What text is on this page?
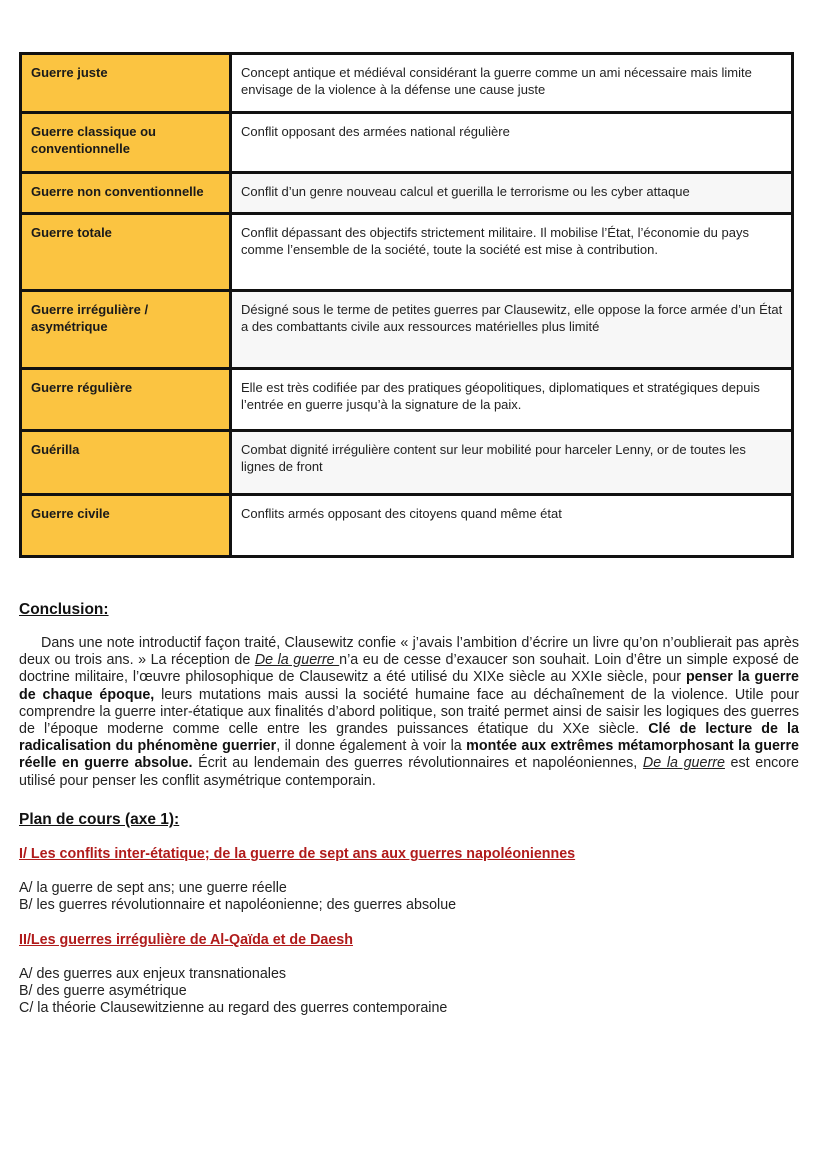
Guerre juste	Concept antique et médiéval considérant la guerre comme un ami nécessaire mais limite envisage de la violence à la défense une cause juste
Guerre classique ou conventionnelle	Conflit opposant des armées national régulière
Guerre non conventionnelle	Conflit d’un genre nouveau calcul et guerilla le terrorisme ou les cyber attaque
Guerre totale	Conflit dépassant des objectifs strictement militaire. Il mobilise l’État, l’économie du pays comme l’ensemble de la société, toute la société est mise à contribution.
Guerre irrégulière / asymétrique	Désigné sous le terme de petites guerres par Clausewitz, elle oppose la force armée d’un État a des combattants civile aux ressources matérielles plus limité
Guerre régulière	Elle est très codifiée par des pratiques géopolitiques, diplomatiques et stratégiques depuis l’entrée en guerre jusqu’à la signature de la paix.
Guérilla	Combat dignité irrégulière content sur leur mobilité pour harceler Lenny, or de toutes les lignes de front
Guerre civile	Conflits armés opposant des citoyens quand même état
Conclusion:

Dans une note introductif façon traité, Clausewitz confie « j’avais l’ambition d’écrire un livre qu’on n’oublierait pas après deux ou trois ans. » La réception de De la guerre n’a eu de cesse d’exaucer son souhait. Loin d’être un simple exposé de doctrine militaire, l’œuvre philosophique de Clausewitz a été utilisé du XIXe siècle au XXIe siècle, pour penser la guerre de chaque époque, leurs mutations mais aussi la société humaine face au déchaînement de la violence. Utile pour comprendre la guerre inter-étatique aux finalités d’abord politique, son traité permet ainsi de saisir les logiques des guerres de l’époque moderne comme celle entre les grandes puissances étatique du XXe siècle. Clé de lecture de la radicalisation du phénomène guerrier, il donne également à voir la montée aux extrêmes métamorphosant la guerre réelle en guerre absolue. Écrit au lendemain des guerres révolutionnaires et napoléoniennes, De la guerre est encore utilisé pour penser les conflit asymétrique contemporain.

Plan de cours (axe 1):

I/ Les conflits inter-étatique; de la guerre de sept ans aux guerres napoléoniennes

A/ la guerre de sept ans; une guerre réelle

B/ les guerres révolutionnaire et napoléonienne; des guerres absolue

II/Les guerres irrégulière de Al-Qaïda et de Daesh

A/ des guerres aux enjeux transnationales

B/ des guerre asymétrique

C/ la théorie Clausewitzienne au regard des guerres contemporaine
